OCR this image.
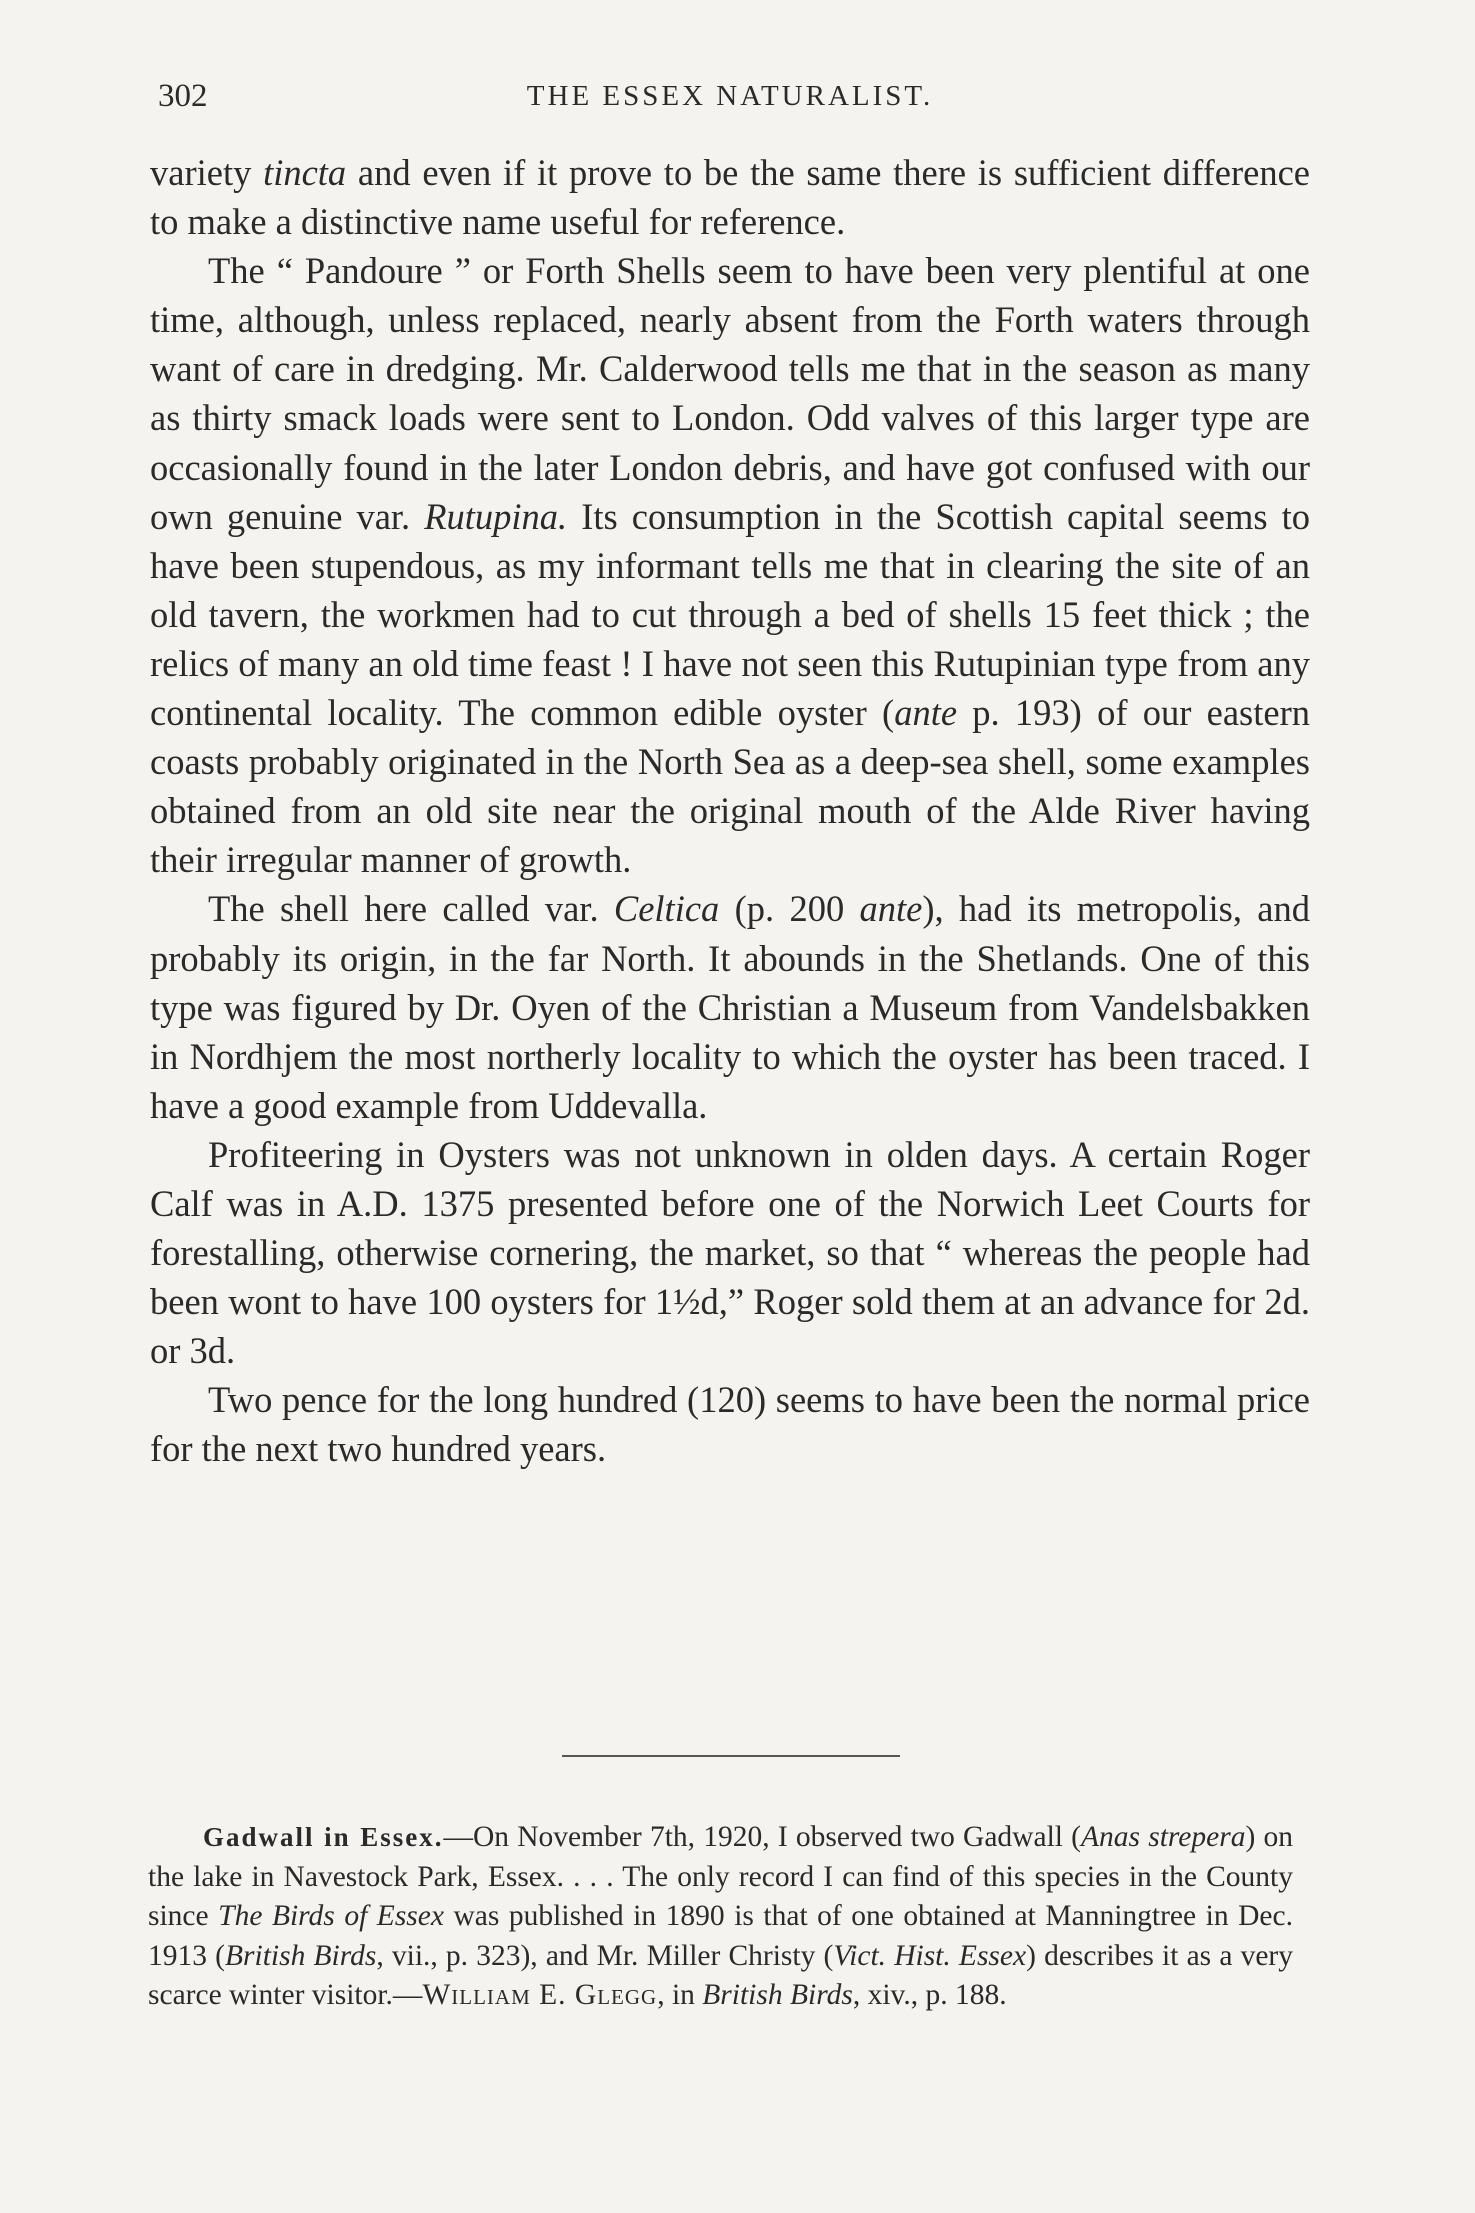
302	THE ESSEX NATURALIST.

variety tincta and even if it prove to be the same there is sufficient difference to make a distinctive name useful for reference.

The “ Pandoure ” or Forth Shells seem to have been very plentiful at one time, although, unless replaced, nearly absent from the Forth waters through want of care in dredging. Mr. Calderwood tells me that in the season as many as thirty smack loads were sent to London. Odd valves of this larger type are occasionally found in the later London debris, and have got confused with our own genuine var. Rutupina. Its consumption in the Scottish capital seems to have been stupendous, as my informant tells me that in clearing the site of an old tavern, the workmen had to cut through a bed of shells 15 feet thick ; the relics of many an old time feast ! I have not seen this Rutupinian type from any continental locality. The common edible oyster (ante p. 193) of our eastern coasts probably originated in the North Sea as a deep-sea shell, some examples obtained from an old site near the original mouth of the Alde River having their irregular manner of growth.

The shell here called var. Celtica (p. 200 ante), had its metropolis, and probably its origin, in the far North. It abounds in the Shetlands. One of this type was figured by Dr. Oyen of the Christian a Museum from Vandelsbakken in Nordhjem the most northerly locality to which the oyster has been traced. I have a good example from Uddevalla.

Profiteering in Oysters was not unknown in olden days. A certain Roger Calf was in A.D. 1375 presented before one of the Norwich Leet Courts for forestalling, otherwise cornering, the market, so that “ whereas the people had been wont to have 100 oysters for 1½d,” Roger sold them at an advance for 2d. or 3d.

Two pence for the long hundred (120) seems to have been the normal price for the next two hundred years.

Gadwall in Essex.—On November 7th, 1920, I observed two Gadwall (Anas strepera) on the lake in Navestock Park, Essex. . . . The only record I can find of this species in the County since The Birds of Essex was published in 1890 is that of one obtained at Manningtree in Dec. 1913 (British Birds, vii., p. 323), and Mr. Miller Christy (Vict. Hist. Essex) describes it as a very scarce winter visitor.—William E. Glegg, in British Birds, xiv., p. 188.
